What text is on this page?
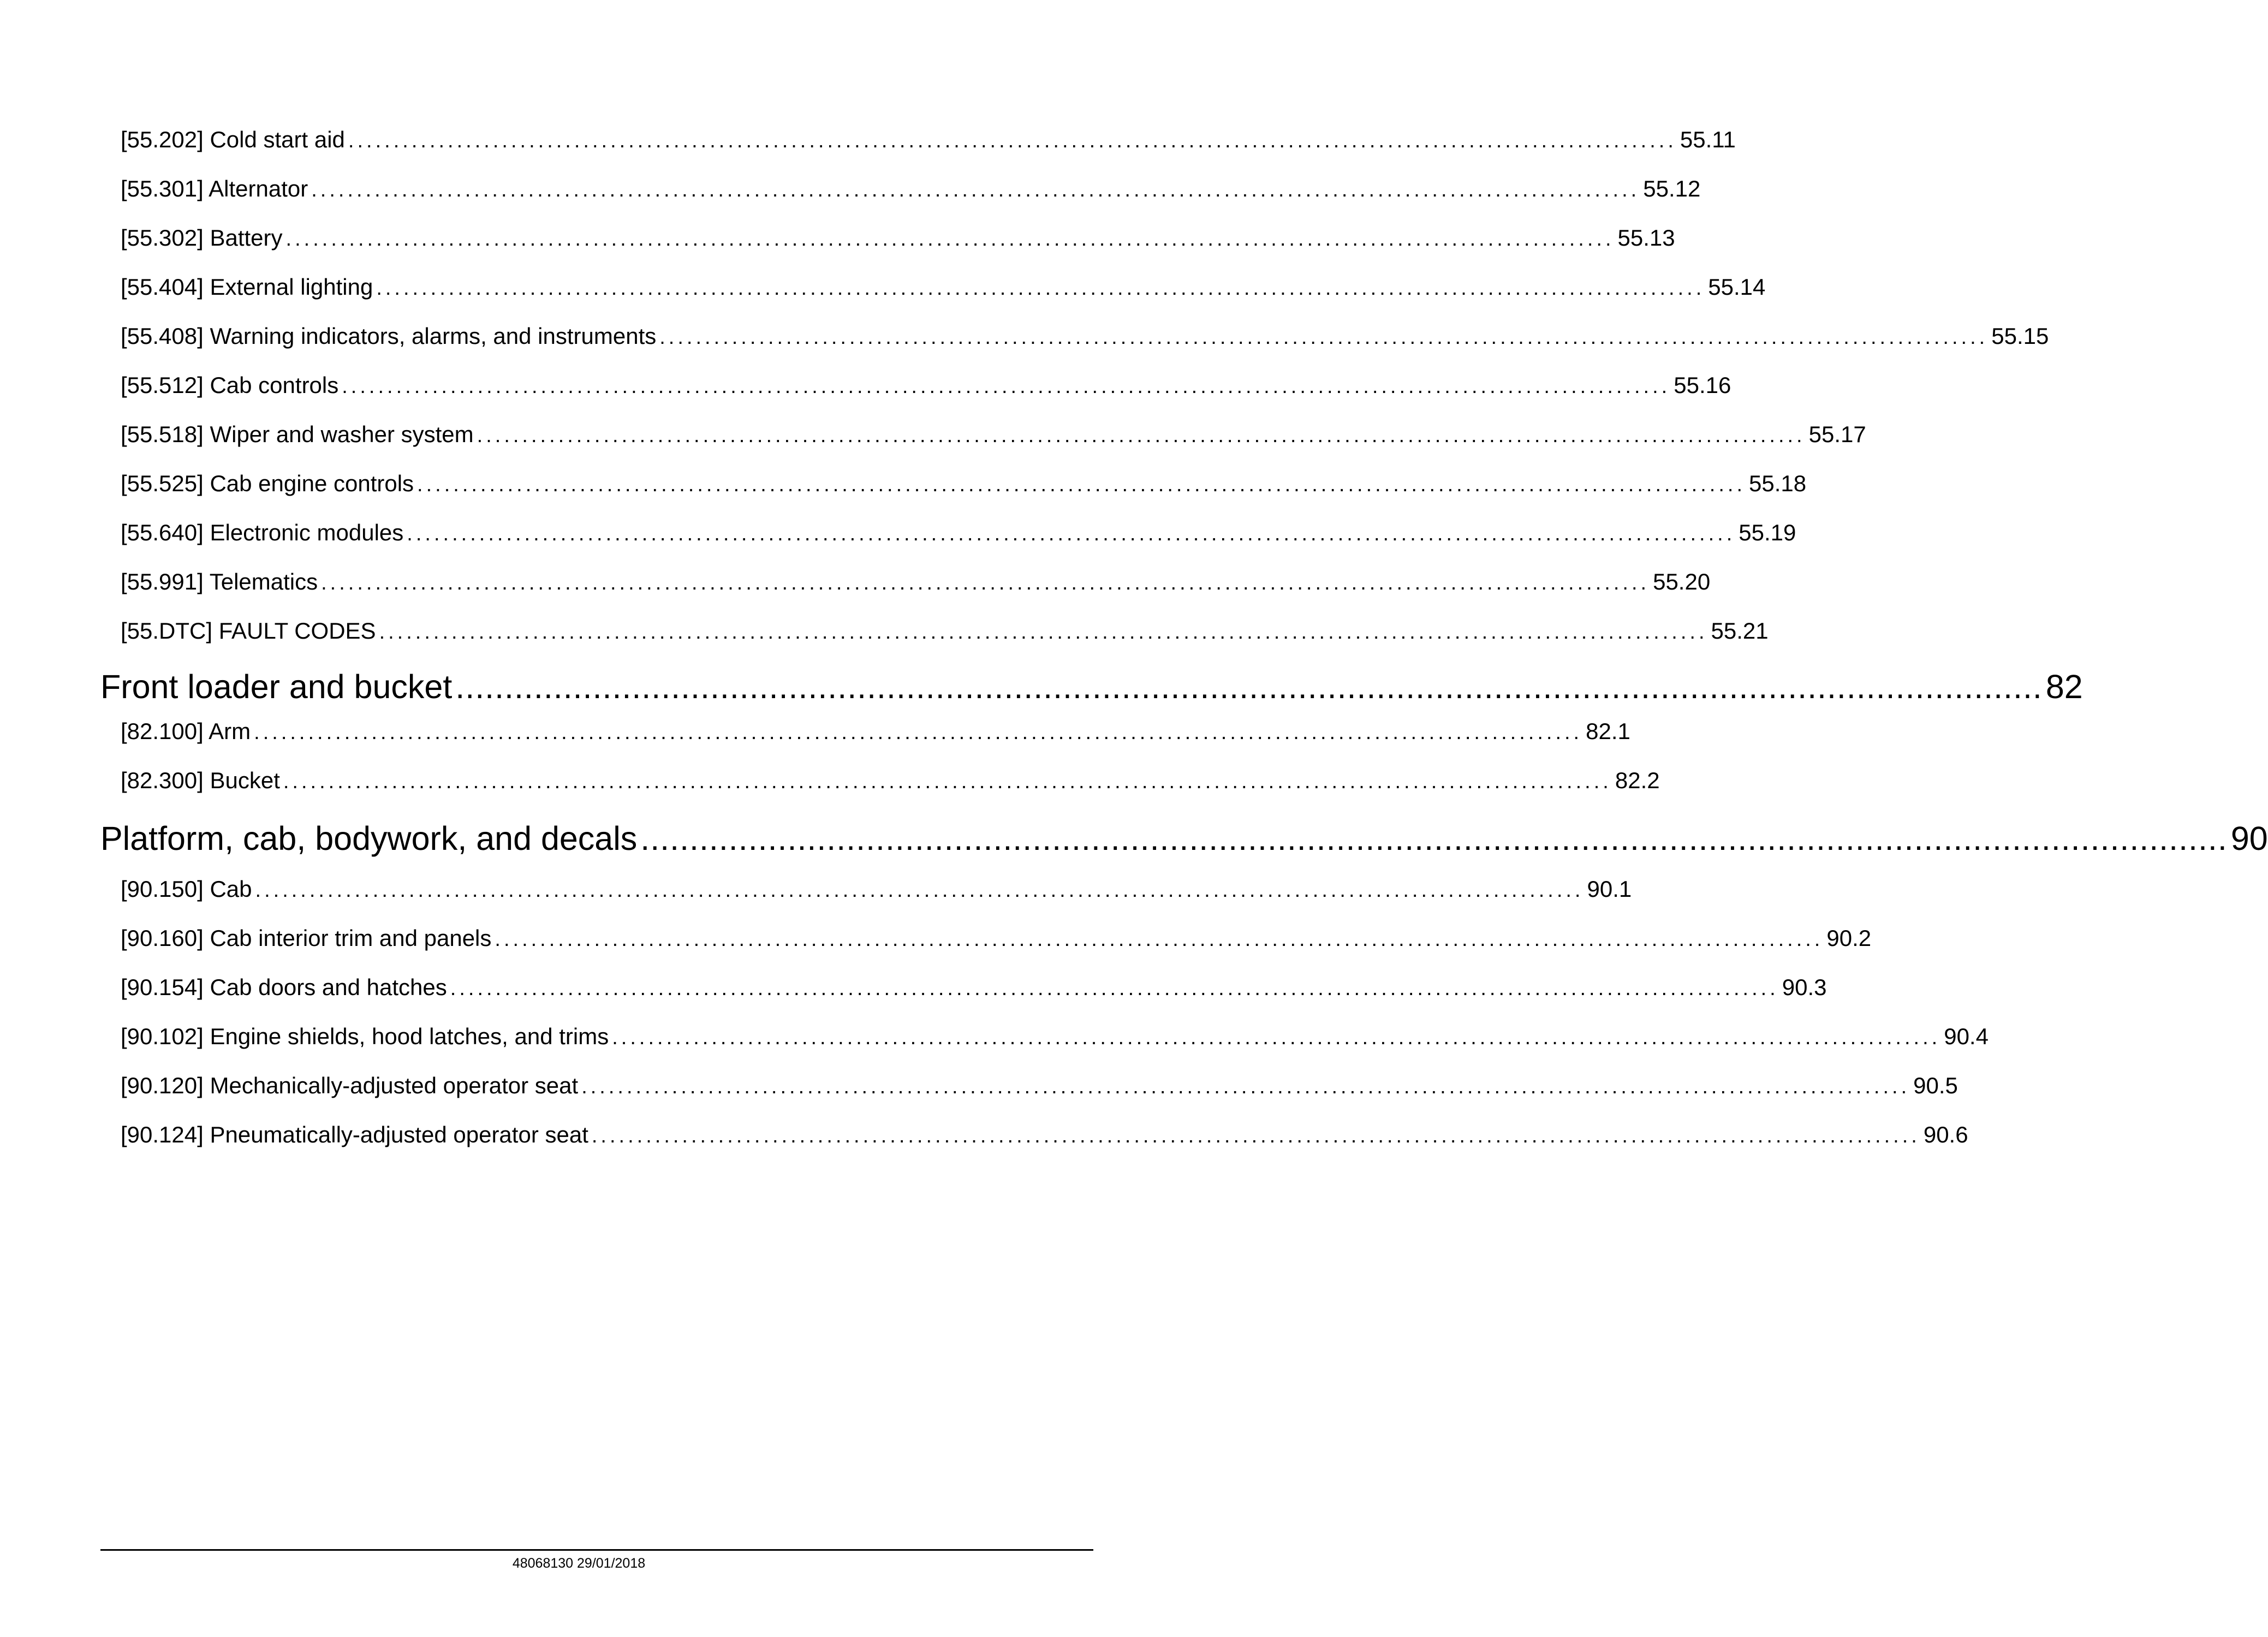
[55.202] Cold start aid ................................................................................................................................................... 55.11
[55.301] Alternator ................................................................................................................................................... 55.12
[55.302] Battery ................................................................................................................................................... 55.13
[55.404] External lighting ................................................................................................................................................... 55.14
[55.408] Warning indicators, alarms, and instruments ................................................................................................................................................... 55.15
[55.512] Cab controls ................................................................................................................................................... 55.16
[55.518] Wiper and washer system ................................................................................................................................................... 55.17
[55.525] Cab engine controls ................................................................................................................................................... 55.18
[55.640] Electronic modules ................................................................................................................................................... 55.19
[55.991] Telematics ................................................................................................................................................... 55.20
[55.DTC] FAULT CODES ................................................................................................................................................... 55.21
Front loader and bucket .................................................................................................................................................................. 82
[82.100] Arm ................................................................................................................................................... 82.1
[82.300] Bucket ................................................................................................................................................... 82.2
Platform, cab, bodywork, and decals .................................................................................................................................................................. 90
[90.150] Cab ................................................................................................................................................... 90.1
[90.160] Cab interior trim and panels ................................................................................................................................................... 90.2
[90.154] Cab doors and hatches ................................................................................................................................................... 90.3
[90.102] Engine shields, hood latches, and trims ................................................................................................................................................... 90.4
[90.120] Mechanically-adjusted operator seat ................................................................................................................................................... 90.5
[90.124] Pneumatically-adjusted operator seat ................................................................................................................................................... 90.6
48068130 29/01/2018
